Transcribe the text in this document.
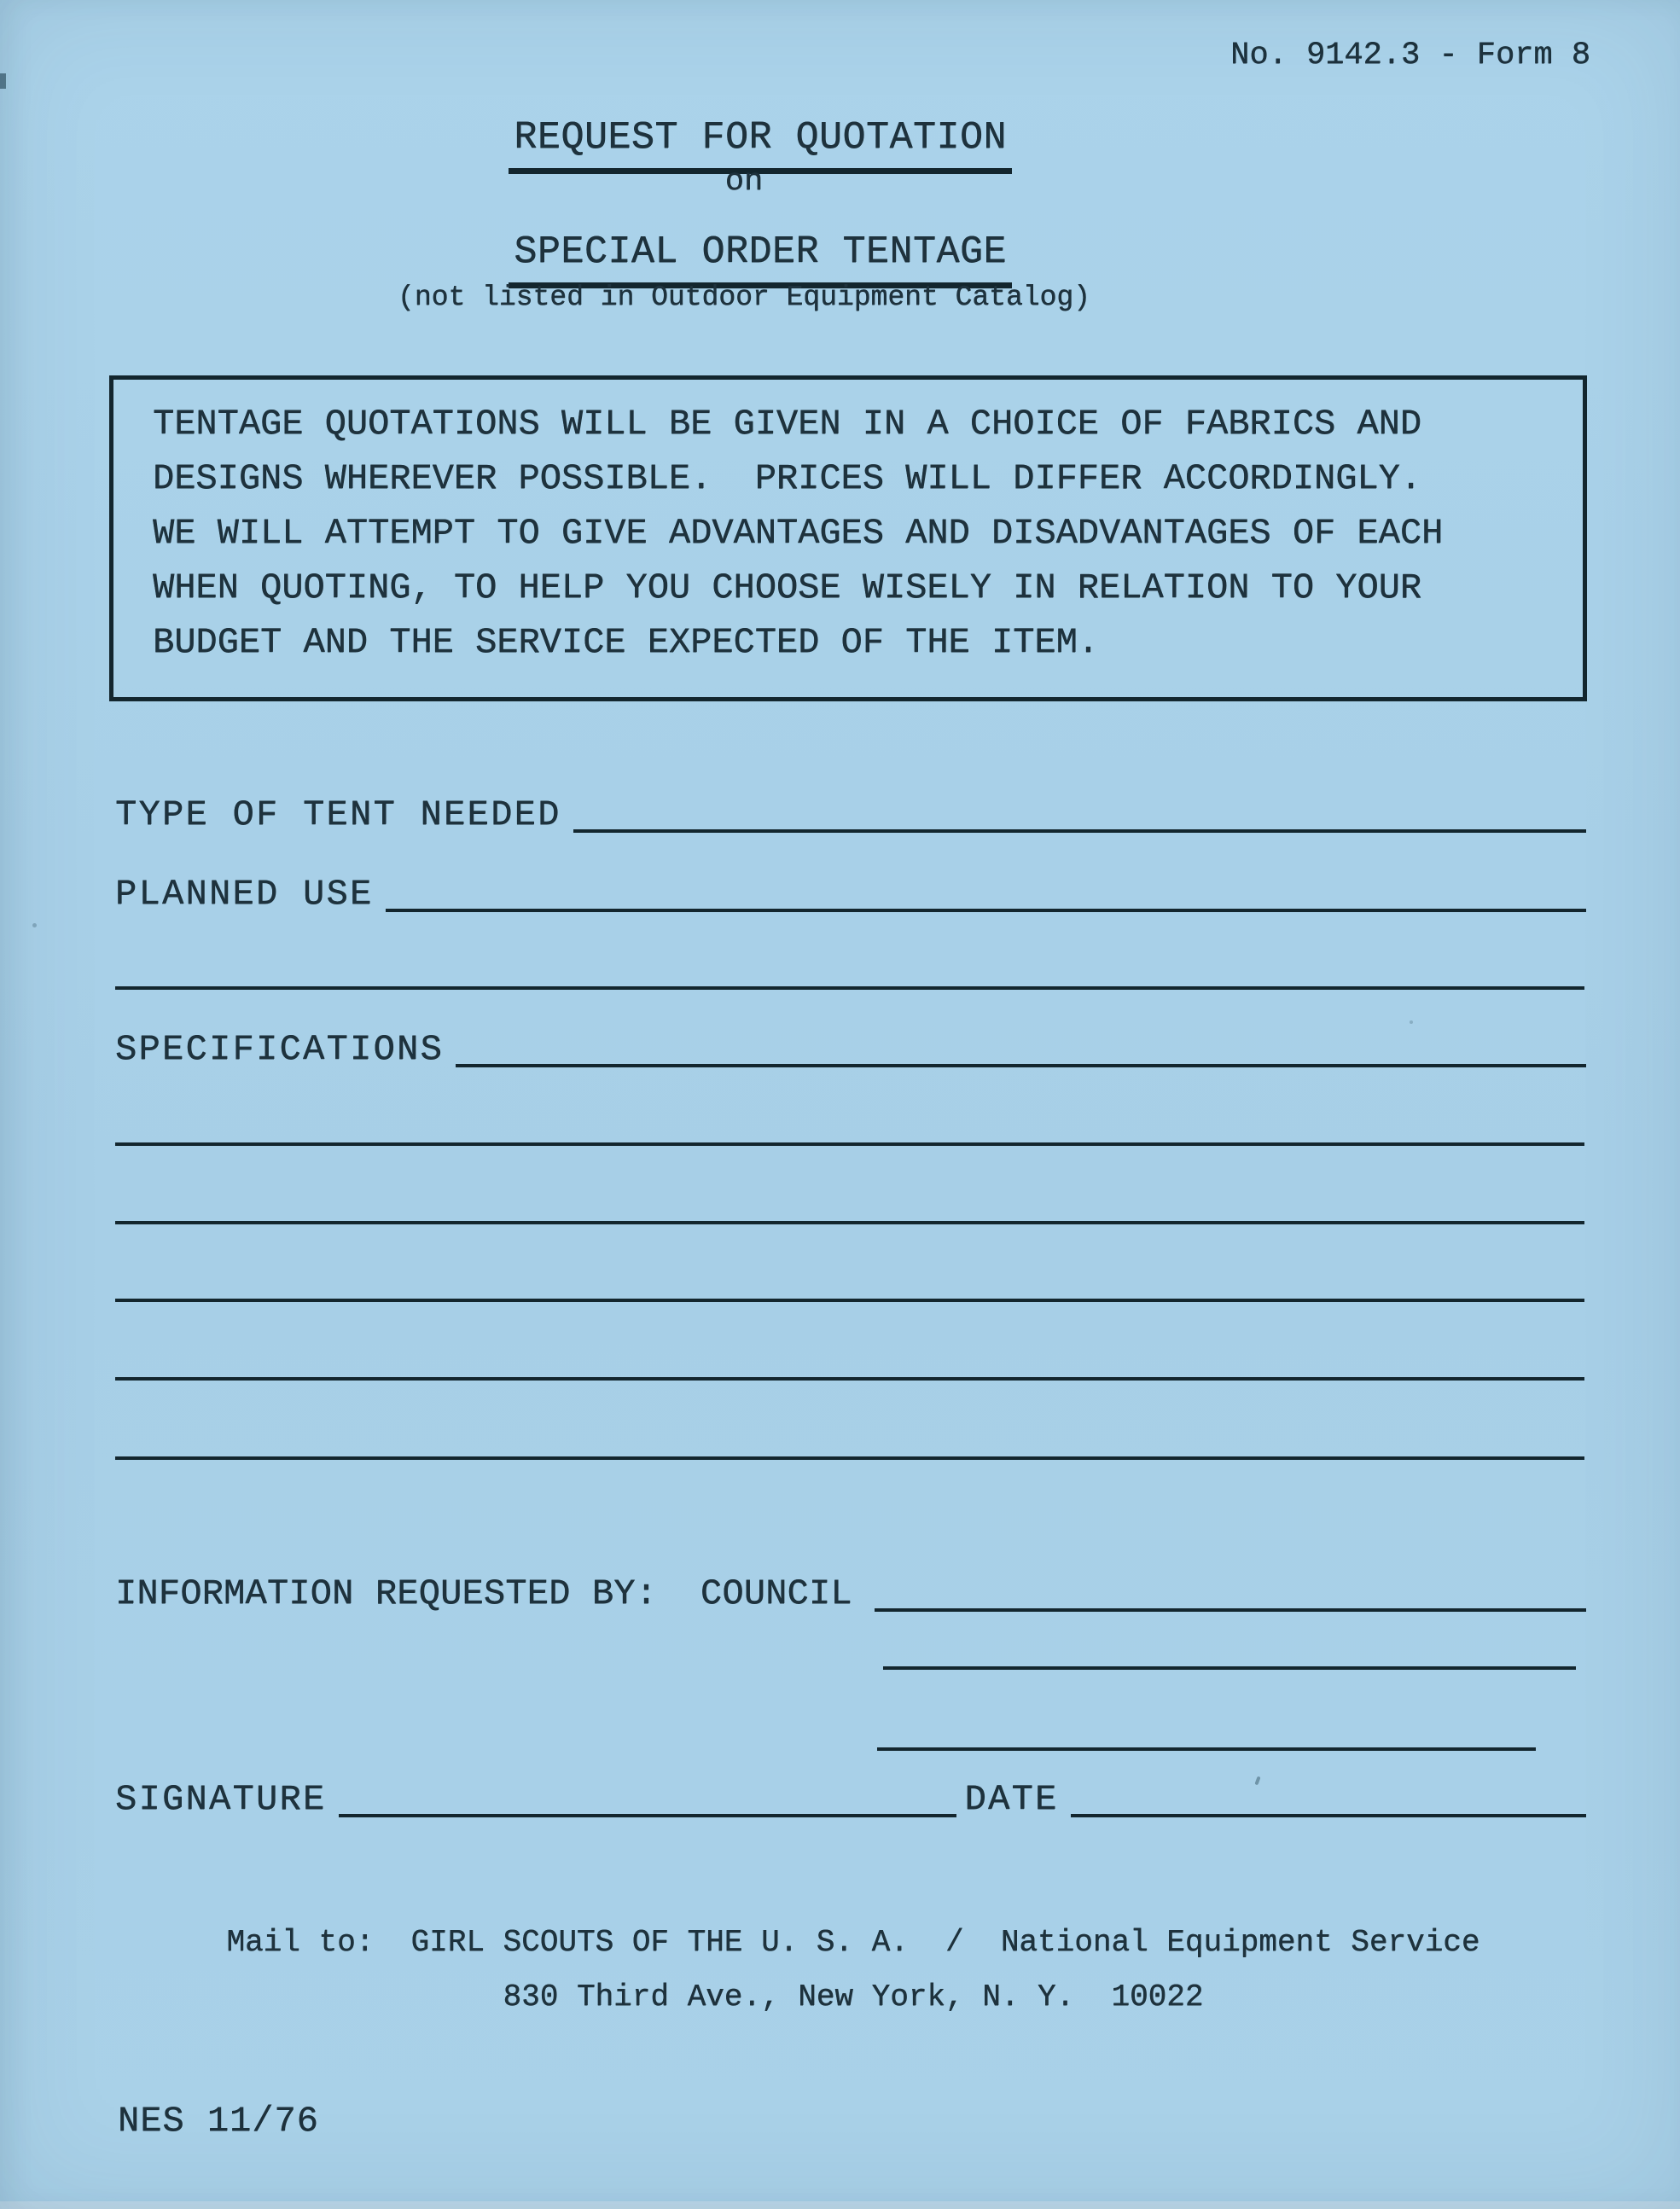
No. 9142.3 - Form 8

REQUEST FOR QUOTATION

on

SPECIAL ORDER TENTAGE

(not listed in Outdoor Equipment Catalog)
TENTAGE QUOTATIONS WILL BE GIVEN IN A CHOICE OF FABRICS AND
DESIGNS WHEREVER POSSIBLE.  PRICES WILL DIFFER ACCORDINGLY.
WE WILL ATTEMPT TO GIVE ADVANTAGES AND DISADVANTAGES OF EACH
WHEN QUOTING, TO HELP YOU CHOOSE WISELY IN RELATION TO YOUR
BUDGET AND THE SERVICE EXPECTED OF THE ITEM.
TYPE OF TENT NEEDED
PLANNED USE
SPECIFICATIONS
INFORMATION REQUESTED BY:  COUNCIL
SIGNATURE	DATE
Mail to:  GIRL SCOUTS OF THE U. S. A.  /  National Equipment Service
830 Third Ave., New York, N. Y.  10022
NES 11/76
